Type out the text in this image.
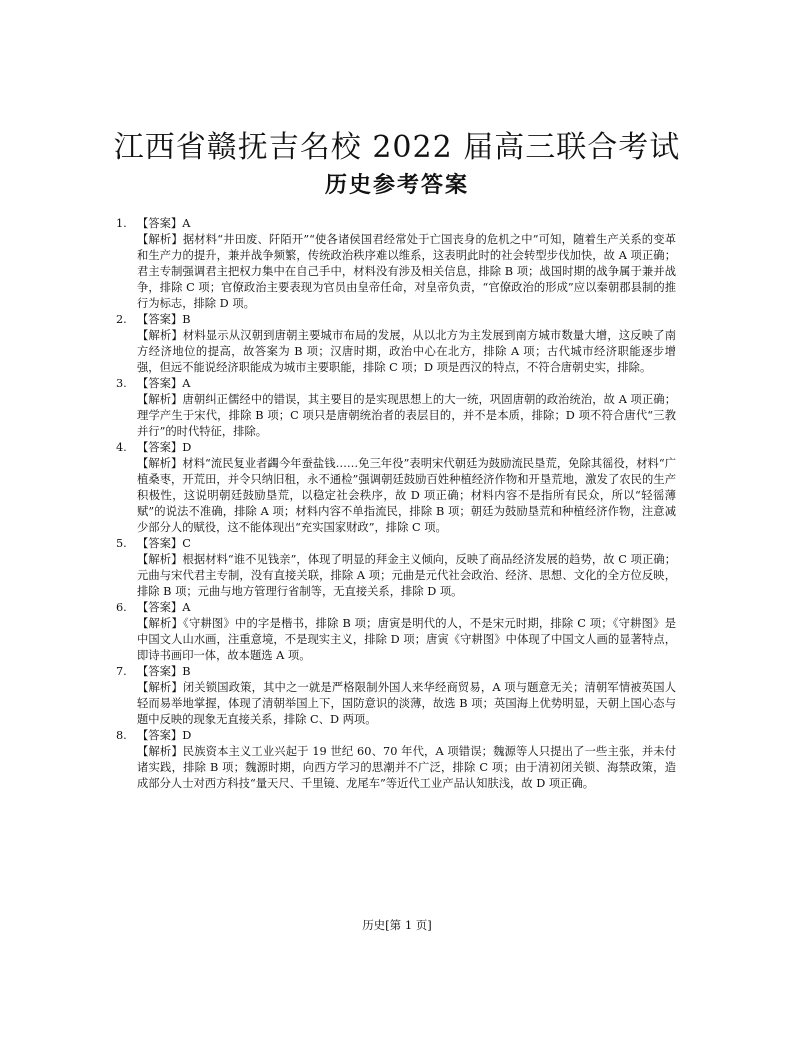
江西省赣抚吉名校 2022 届高三联合考试
历史参考答案
1. 【答案】A

【解析】据材料“井田废、阡陌开”“使各诸侯国君经常处于亡国丧身的危机之中”可知，随着生产关系的变革和生产力的提升，兼并战争频繁，传统政治秩序难以维系，这表明此时的社会转型步伐加快，故 A 项正确；君主专制强调君主把权力集中在自己手中，材料没有涉及相关信息，排除 B 项；战国时期的战争属于兼并战争，排除 C 项；官僚政治主要表现为官员由皇帝任命，对皇帝负责，“官僚政治的形成”应以秦朝郡县制的推行为标志，排除 D 项。

2. 【答案】B

【解析】材料显示从汉朝到唐朝主要城市布局的发展，从以北方为主发展到南方城市数量大增，这反映了南方经济地位的提高，故答案为 B 项；汉唐时期，政治中心在北方，排除 A 项；古代城市经济职能逐步增强，但远不能说经济职能成为城市主要职能，排除 C 项；D 项是西汉的特点，不符合唐朝史实，排除。

3. 【答案】A

【解析】唐朝纠正儒经中的错误，其主要目的是实现思想上的大一统，巩固唐朝的政治统治，故 A 项正确；理学产生于宋代，排除 B 项；C 项只是唐朝统治者的表层目的，并不是本质，排除；D 项不符合唐代“三教并行”的时代特征，排除。

4. 【答案】D

【解析】材料“流民复业者蠲今年蚕盐钱……免三年役”表明宋代朝廷为鼓励流民垦荒，免除其徭役，材料“广植桑枣，开荒田，并令只纳旧租，永不通检”强调朝廷鼓励百姓种植经济作物和开垦荒地，激发了农民的生产积极性，这说明朝廷鼓励垦荒，以稳定社会秩序，故 D 项正确；材料内容不是指所有民众，所以“轻徭薄赋”的说法不准确，排除 A 项；材料内容不单指流民，排除 B 项；朝廷为鼓励垦荒和种植经济作物，注意减少部分人的赋役，这不能体现出“充实国家财政”，排除 C 项。

5. 【答案】C

【解析】根据材料“谁不见钱亲”，体现了明显的拜金主义倾向，反映了商品经济发展的趋势，故 C 项正确；元曲与宋代君主专制，没有直接关联，排除 A 项；元曲是元代社会政治、经济、思想、文化的全方位反映，排除 B 项；元曲与地方管理行省制等，无直接关系，排除 D 项。

6. 【答案】A

【解析】《守耕图》中的字是楷书，排除 B 项；唐寅是明代的人，不是宋元时期，排除 C 项；《守耕图》是中国文人山水画，注重意境，不是现实主义，排除 D 项；唐寅《守耕图》中体现了中国文人画的显著特点，即诗书画印一体，故本题选 A 项。

7. 【答案】B

【解析】闭关锁国政策，其中之一就是严格限制外国人来华经商贸易，A 项与题意无关；清朝军情被英国人轻而易举地掌握，体现了清朝举国上下，国防意识的淡薄，故选 B 项；英国海上优势明显，天朝上国心态与题中反映的现象无直接关系，排除 C、D 两项。

8. 【答案】D

【解析】民族资本主义工业兴起于 19 世纪 60、70 年代，A 项错误；魏源等人只提出了一些主张，并未付诸实践，排除 B 项；魏源时期，向西方学习的思潮并不广泛，排除 C 项；由于清初闭关锁、海禁政策，造成部分人士对西方科技“量天尺、千里镜、龙尾车”等近代工业产品认知肤浅，故 D 项正确。

历史[第 1 页]
